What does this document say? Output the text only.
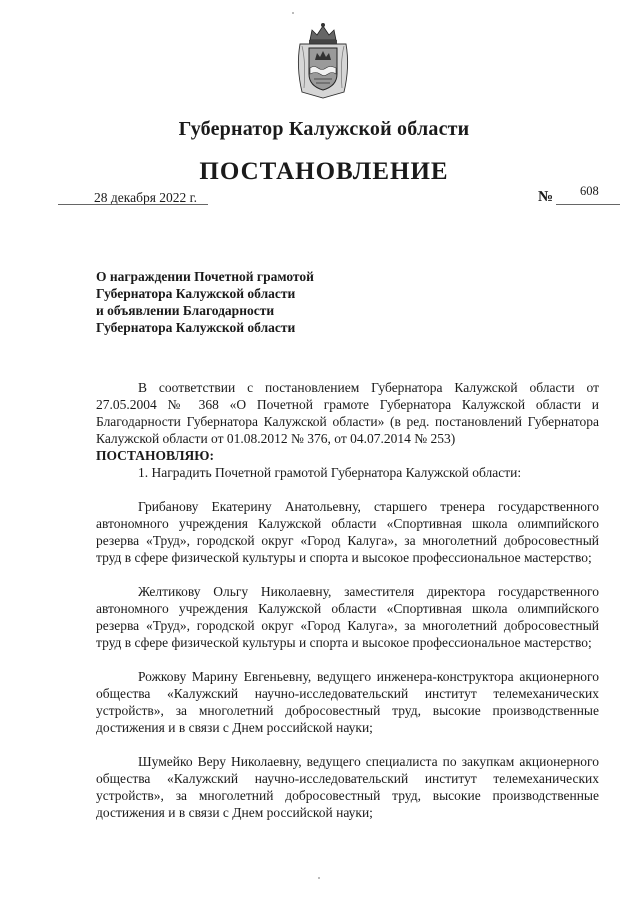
Губернатор Калужской области
ПОСТАНОВЛЕНИЕ
28 декабря 2022 г.	№ 608
О награждении Почетной грамотой
Губернатора Калужской области
и объявлении Благодарности
Губернатора Калужской области

В соответствии с постановлением Губернатора Калужской области от 27.05.2004 № 368 «О Почетной грамоте Губернатора Калужской области и Благодарности Губернатора Калужской области» (в ред. постановлений Губернатора Калужской области от 01.08.2012 № 376, от 04.07.2014 № 253)

ПОСТАНОВЛЯЮ:

1. Наградить Почетной грамотой Губернатора Калужской области:

Грибанову Екатерину Анатольевну, старшего тренера государственного автономного учреждения Калужской области «Спортивная школа олимпийского резерва «Труд», городской округ «Город Калуга», за многолетний добросовестный труд в сфере физической культуры и спорта и высокое профессиональное мастерство;

Желтикову Ольгу Николаевну, заместителя директора государственного автономного учреждения Калужской области «Спортивная школа олимпийского резерва «Труд», городской округ «Город Калуга», за многолетний добросовестный труд в сфере физической культуры и спорта и высокое профессиональное мастерство;

Рожкову Марину Евгеньевну, ведущего инженера-конструктора акционерного общества «Калужский научно-исследовательский институт телемеханических устройств», за многолетний добросовестный труд, высокие производственные достижения и в связи с Днем российской науки;

Шумейко Веру Николаевну, ведущего специалиста по закупкам акционерного общества «Калужский научно-исследовательский институт телемеханических устройств», за многолетний добросовестный труд, высокие производственные достижения и в связи с Днем российской науки;
